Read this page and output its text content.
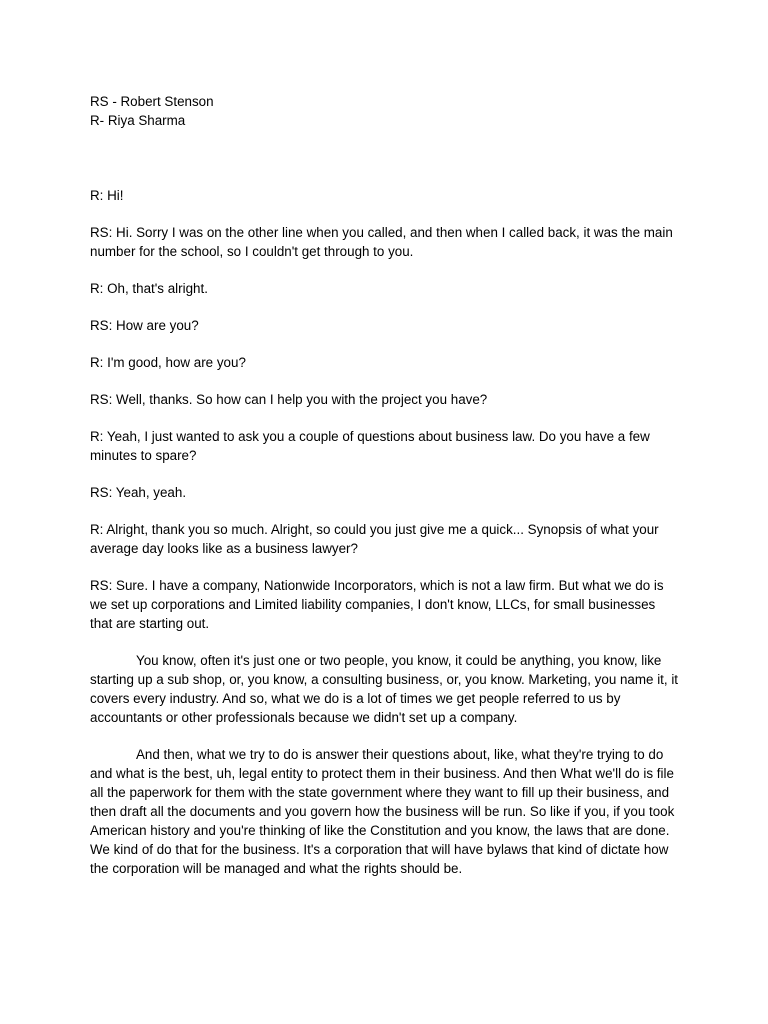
RS - Robert Stenson

R- Riya Sharma

R: Hi!

RS: Hi. Sorry I was on the other line when you called, and then when I called back, it was the main number for the school, so I couldn't get through to you.

R: Oh, that's alright.

RS: How are you?

R: I'm good, how are you?

RS: Well, thanks. So how can I help you with the project you have?

R: Yeah, I just wanted to ask you a couple of questions about business law. Do you have a few minutes to spare?

RS: Yeah, yeah.

R: Alright, thank you so much. Alright, so could you just give me a quick... Synopsis of what your average day looks like as a business lawyer?

RS: Sure. I have a company, Nationwide Incorporators, which is not a law firm. But what we do is we set up corporations and Limited liability companies, I don't know, LLCs, for small businesses that are starting out.

You know, often it's just one or two people, you know, it could be anything, you know, like starting up a sub shop, or, you know, a consulting business, or, you know. Marketing, you name it, it covers every industry. And so, what we do is a lot of times we get people referred to us by accountants or other professionals because we didn't set up a company.

And then, what we try to do is answer their questions about, like, what they're trying to do and what is the best, uh, legal entity to protect them in their business. And then What we'll do is file all the paperwork for them with the state government where they want to fill up their business, and then draft all the documents and you govern how the business will be run. So like if you, if you took American history and you're thinking of like the Constitution and you know, the laws that are done. We kind of do that for the business. It's a corporation that will have bylaws that kind of dictate how the corporation will be managed and what the rights should be.
